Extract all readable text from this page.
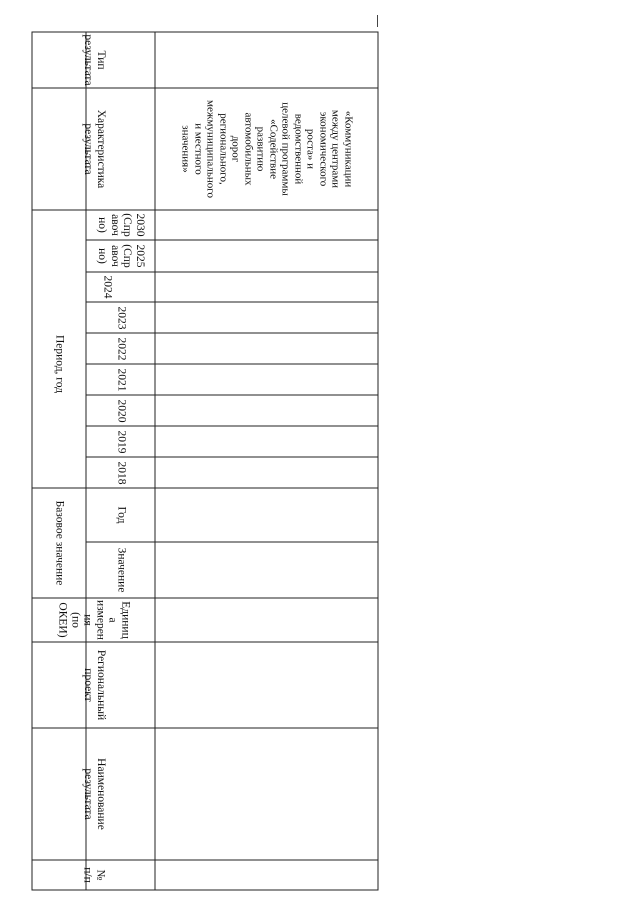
Тип
результата
Характеристика
результата
2030
(Спр
авоч
но)
2025
(Спр
авоч
но)
Период, год
2024
2023
2022
2021
2020
2019
2018
Базовое значение	Год
Значение
Единиц
а
измерен
ия
(по
ОКЕИ)
Региональный
проект
Наименование
результата
№
п/п
«Коммуникации
между центрами
экономического
роста» и
ведомственной
целевой программы
«Содействие
развитию
автомобильных
дорог
регионального,
межмуниципального
и местного
значения»
